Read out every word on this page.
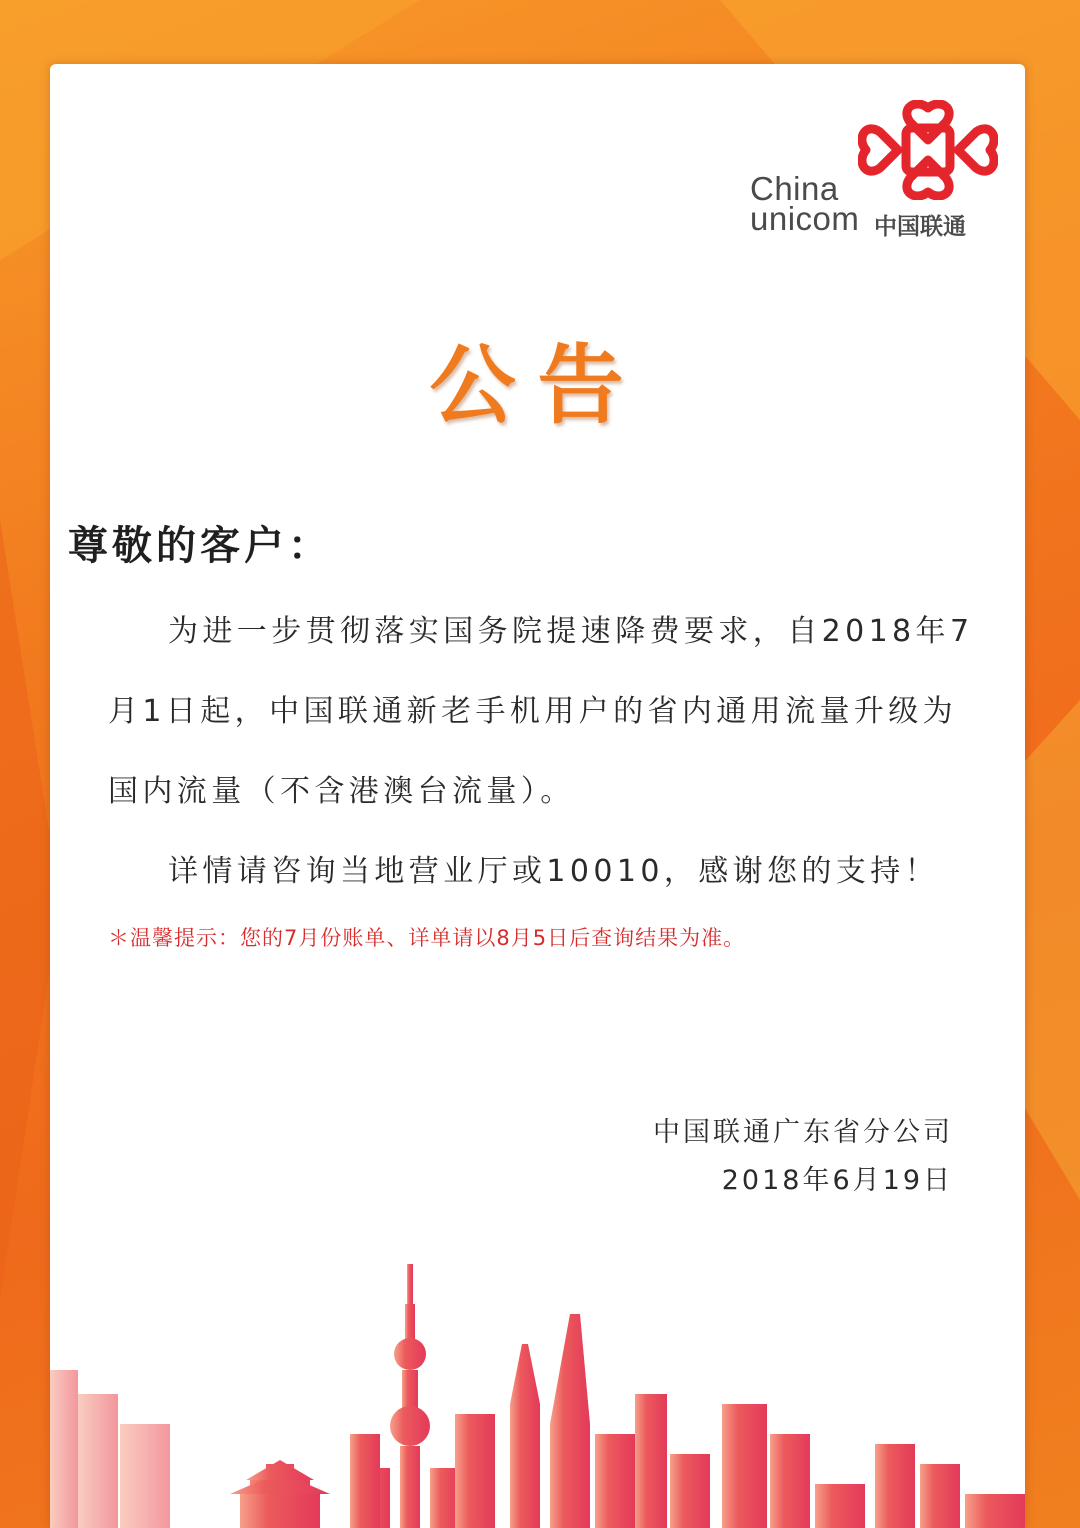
China
unicom 中国联通
公告
尊敬的客户：

为进一步贯彻落实国务院提速降费要求，自2018年7月1日起，中国联通新老手机用户的省内通用流量升级为国内流量（不含港澳台流量）。

详情请咨询当地营业厅或10010，感谢您的支持！

＊温馨提示：您的7月份账单、详单请以8月5日后查询结果为准。
中国联通广东省分公司
2018年6月19日
